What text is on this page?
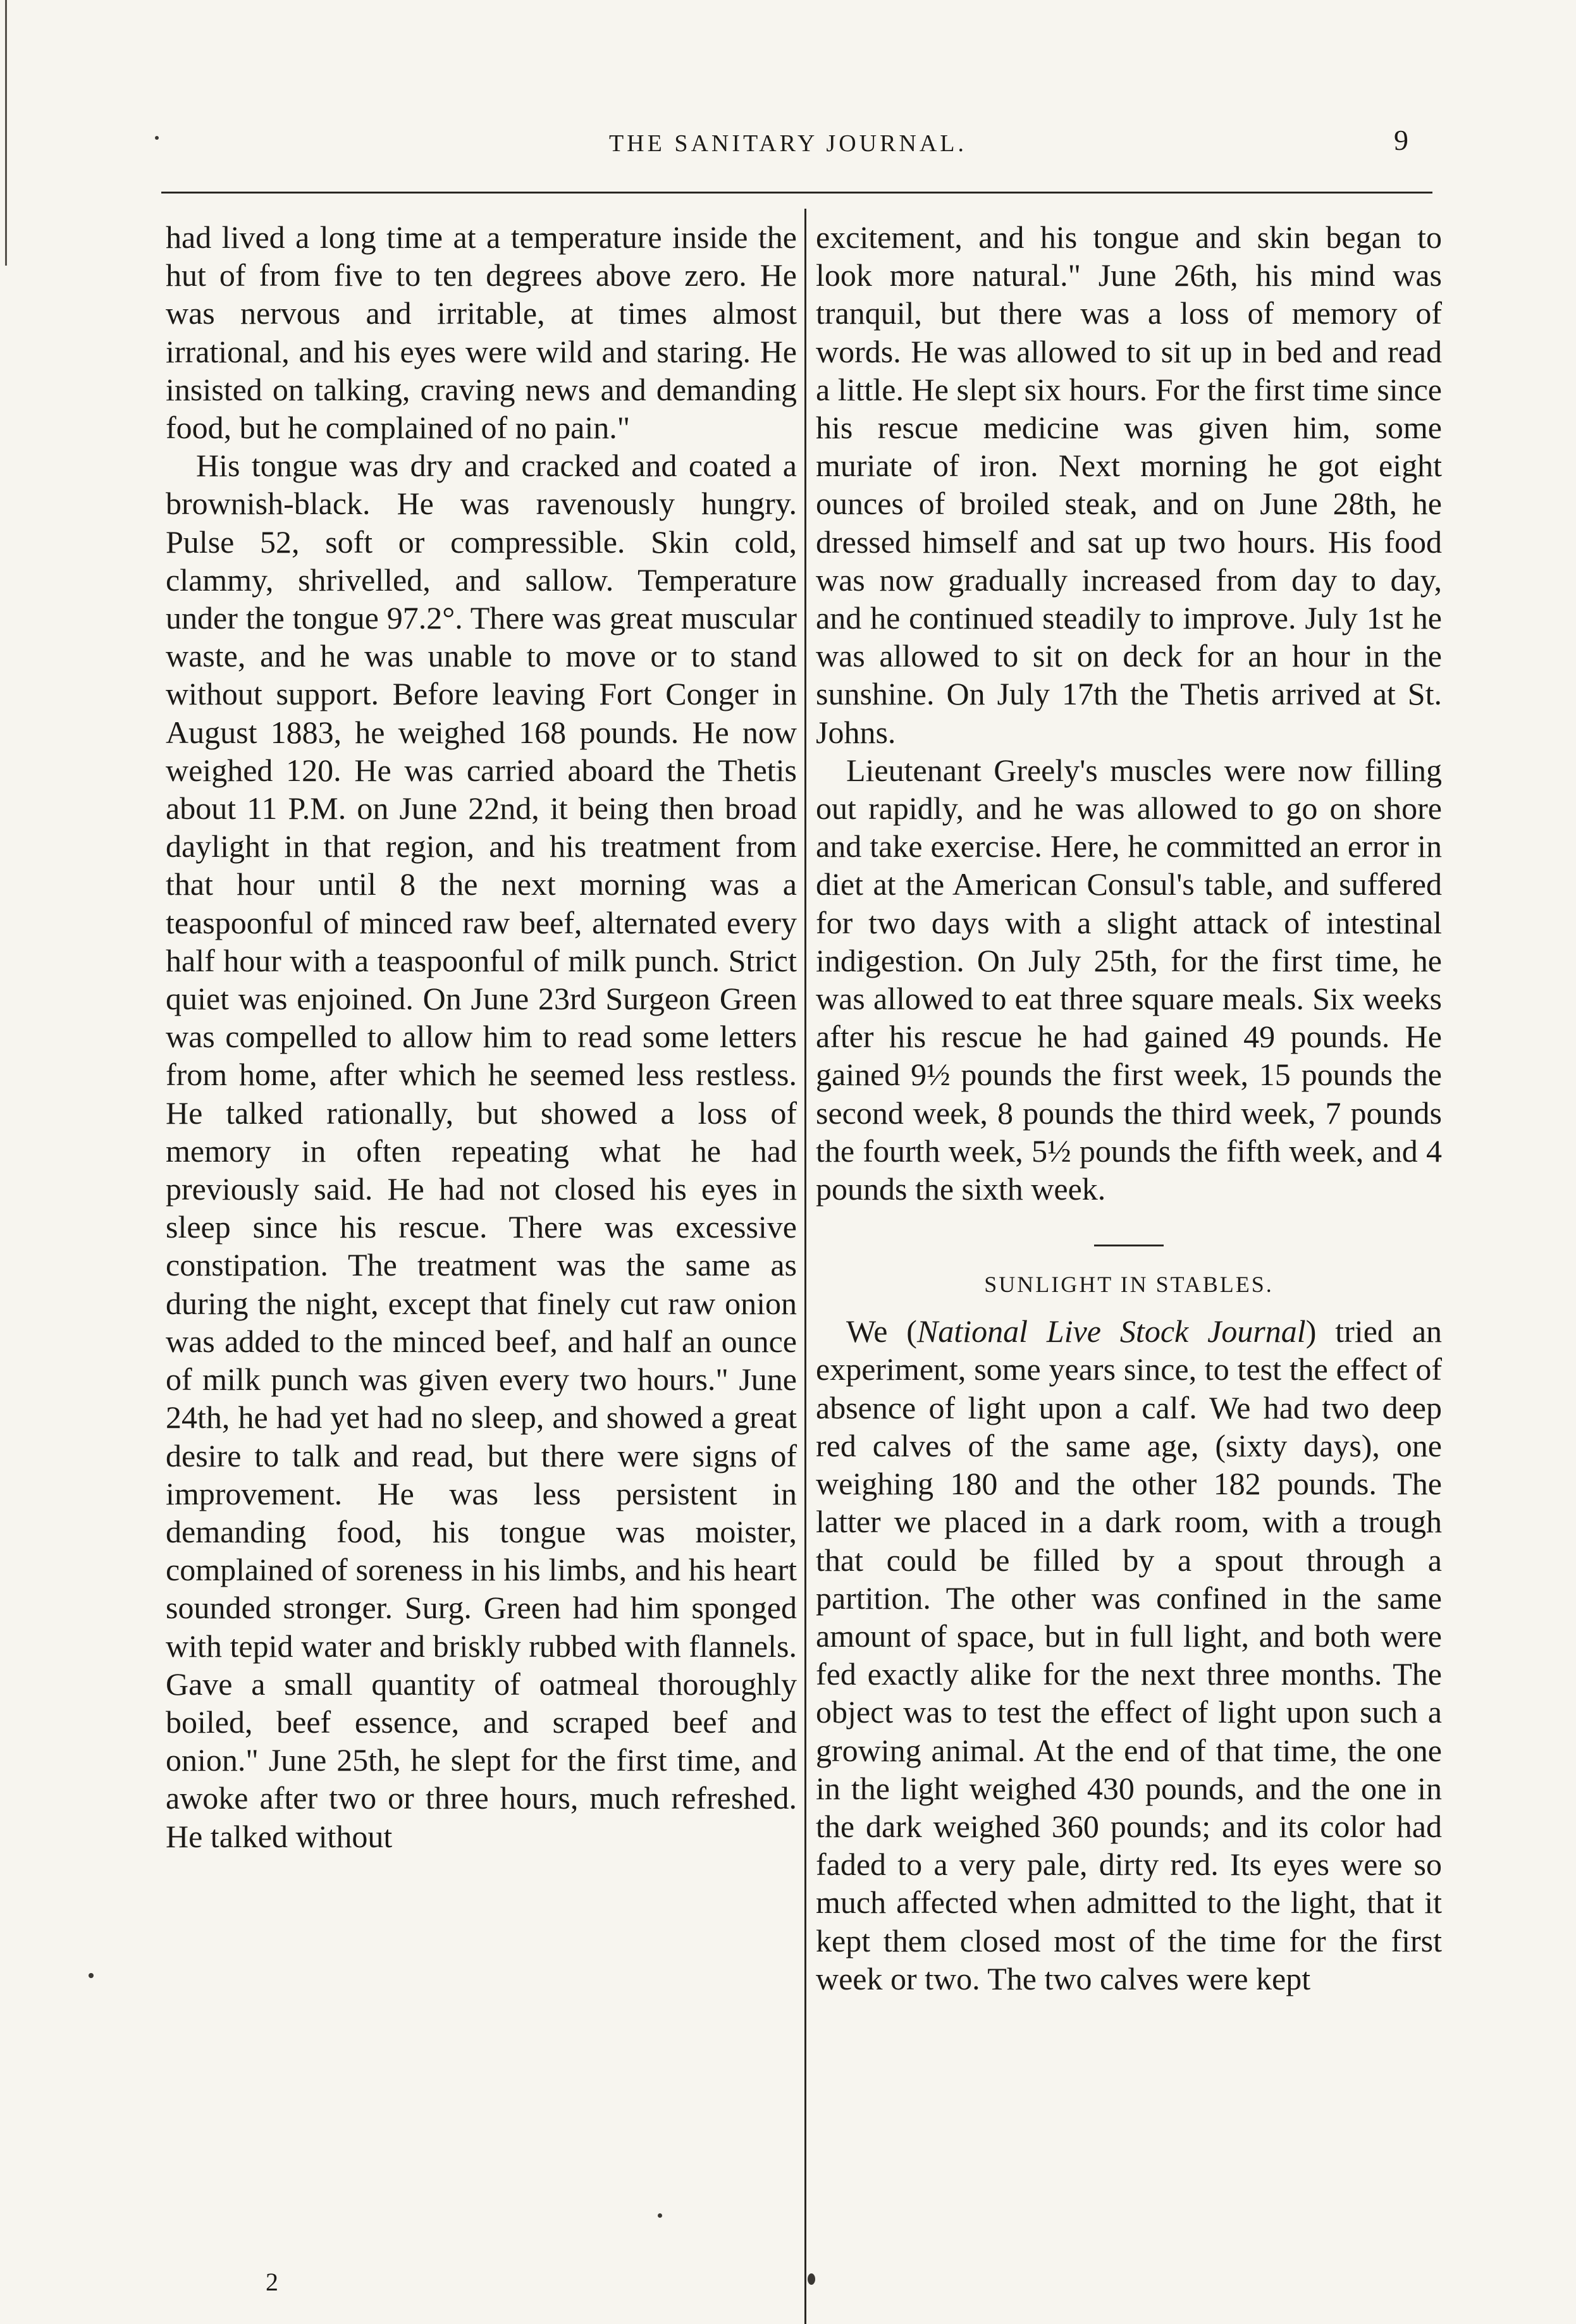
THE SANITARY JOURNAL.	9

had lived a long time at a temperature inside the hut of from five to ten degrees above zero. He was nervous and irritable, at times almost irrational, and his eyes were wild and staring. He insisted on talking, craving news and demanding food, but he complained of no pain."

His tongue was dry and cracked and coated a brownish-black. He was ravenously hungry. Pulse 52, soft or compressible. Skin cold, clammy, shrivelled, and sallow. Temperature under the tongue 97.2°. There was great muscular waste, and he was unable to move or to stand without support. Before leaving Fort Conger in August 1883, he weighed 168 pounds. He now weighed 120. He was carried aboard the Thetis about 11 P.M. on June 22nd, it being then broad daylight in that region, and his treatment from that hour until 8 the next morning was a teaspoonful of minced raw beef, alternated every half hour with a teaspoonful of milk punch. Strict quiet was enjoined. On June 23rd Surgeon Green was compelled to allow him to read some letters from home, after which he seemed less restless. He talked rationally, but showed a loss of memory in often repeating what he had previously said. He had not closed his eyes in sleep since his rescue. There was excessive constipation. The treatment was the same as during the night, except that finely cut raw onion was added to the minced beef, and half an ounce of milk punch was given every two hours." June 24th, he had yet had no sleep, and showed a great desire to talk and read, but there were signs of improvement. He was less persistent in demanding food, his tongue was moister, complained of soreness in his limbs, and his heart sounded stronger. Surg. Green had him sponged with tepid water and briskly rubbed with flannels. Gave a small quantity of oatmeal thoroughly boiled, beef essence, and scraped beef and onion." June 25th, he slept for the first time, and awoke after two or three hours, much refreshed. He talked without

excitement, and his tongue and skin began to look more natural." June 26th, his mind was tranquil, but there was a loss of memory of words. He was allowed to sit up in bed and read a little. He slept six hours. For the first time since his rescue medicine was given him, some muriate of iron. Next morning he got eight ounces of broiled steak, and on June 28th, he dressed himself and sat up two hours. His food was now gradually increased from day to day, and he continued steadily to improve. July 1st he was allowed to sit on deck for an hour in the sunshine. On July 17th the Thetis arrived at St. Johns.

Lieutenant Greely's muscles were now filling out rapidly, and he was allowed to go on shore and take exercise. Here, he committed an error in diet at the American Consul's table, and suffered for two days with a slight attack of intestinal indigestion. On July 25th, for the first time, he was allowed to eat three square meals. Six weeks after his rescue he had gained 49 pounds. He gained 9½ pounds the first week, 15 pounds the second week, 8 pounds the third week, 7 pounds the fourth week, 5½ pounds the fifth week, and 4 pounds the sixth week.

SUNLIGHT IN STABLES.

We (National Live Stock Journal) tried an experiment, some years since, to test the effect of absence of light upon a calf. We had two deep red calves of the same age, (sixty days), one weighing 180 and the other 182 pounds. The latter we placed in a dark room, with a trough that could be filled by a spout through a partition. The other was confined in the same amount of space, but in full light, and both were fed exactly alike for the next three months. The object was to test the effect of light upon such a growing animal. At the end of that time, the one in the light weighed 430 pounds, and the one in the dark weighed 360 pounds; and its color had faded to a very pale, dirty red. Its eyes were so much affected when admitted to the light, that it kept them closed most of the time for the first week or two. The two calves were kept

2
